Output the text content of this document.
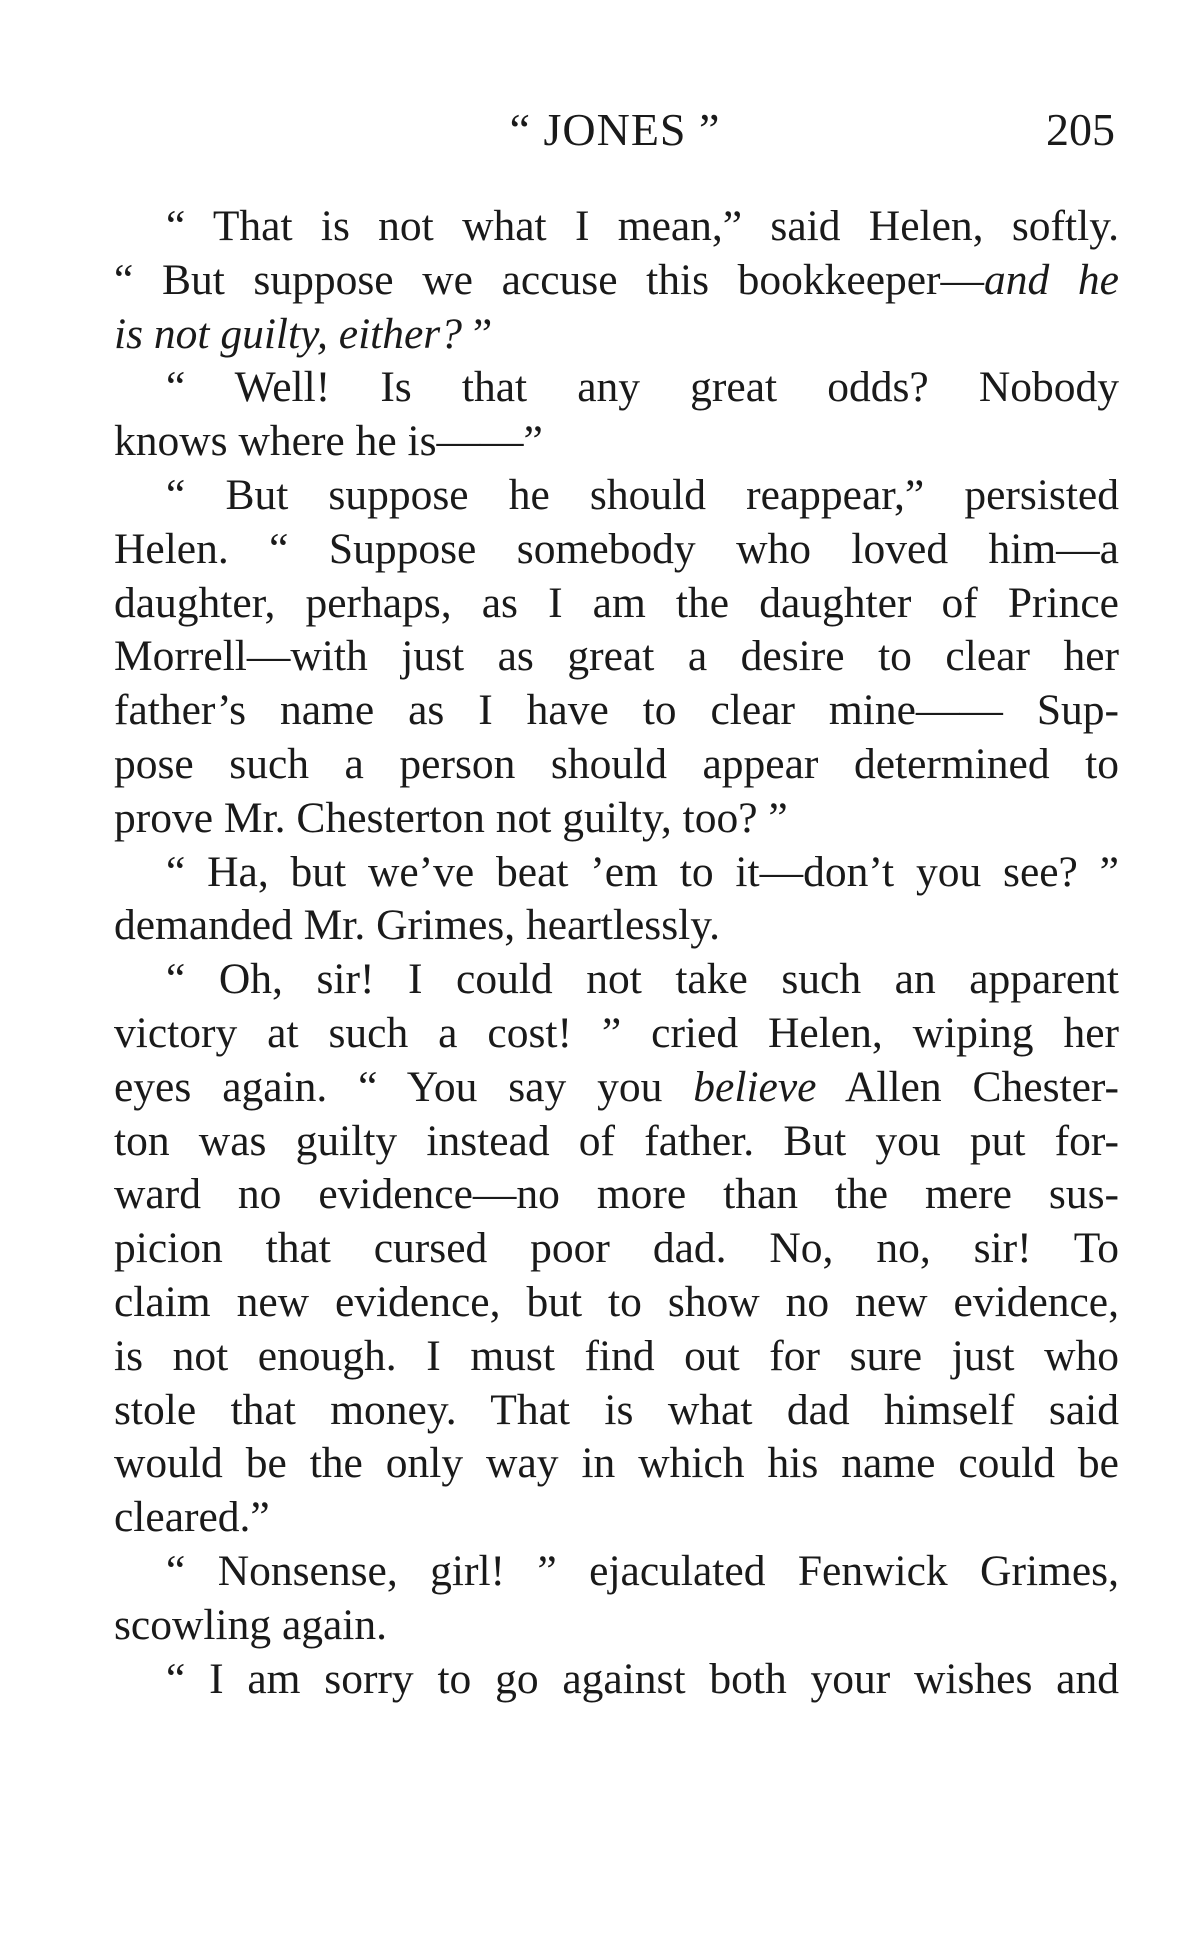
“ JONES ”	205
“ That is not what I mean,” said Helen, softly.
“ But suppose we accuse this bookkeeper—and he
is not guilty, either? ”
“ Well! Is that any great odds? Nobody
knows where he is——”
“ But suppose he should reappear,” persisted
Helen. “ Suppose somebody who loved him—a
daughter, perhaps, as I am the daughter of Prince
Morrell—with just as great a desire to clear her
father’s name as I have to clear mine—— Sup-
pose such a person should appear determined to
prove Mr. Chesterton not guilty, too? ”
“ Ha, but we’ve beat ’em to it—don’t you see? ”
demanded Mr. Grimes, heartlessly.
“ Oh, sir! I could not take such an apparent
victory at such a cost! ” cried Helen, wiping her
eyes again. “ You say you believe Allen Chester-
ton was guilty instead of father. But you put for-
ward no evidence—no more than the mere sus-
picion that cursed poor dad. No, no, sir! To
claim new evidence, but to show no new evidence,
is not enough. I must find out for sure just who
stole that money. That is what dad himself said
would be the only way in which his name could be
cleared.”
“ Nonsense, girl! ” ejaculated Fenwick Grimes,
scowling again.
“ I am sorry to go against both your wishes and
